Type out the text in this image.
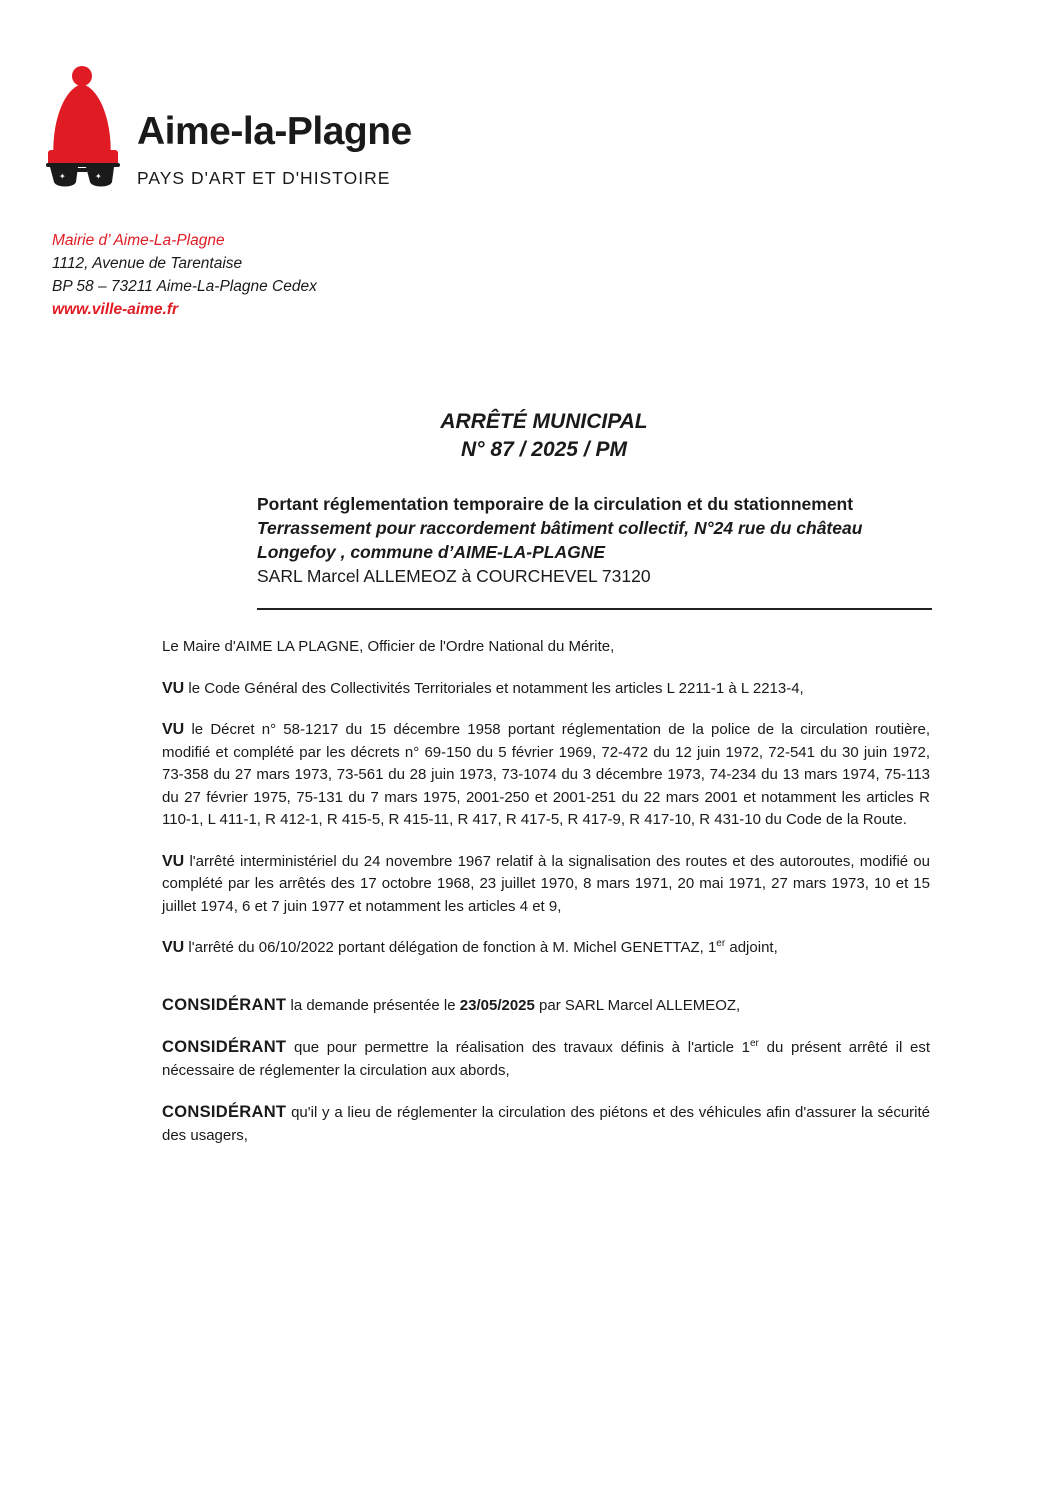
✦	✦
Aime-la-Plagne
PAYS D'ART ET D'HISTOIRE
Mairie d’ Aime-La-Plagne
1112, Avenue de Tarentaise
BP 58 – 73211 Aime-La-Plagne Cedex
www.ville-aime.fr
ARRÊTÉ MUNICIPAL
N° 87 / 2025 / PM
Portant réglementation temporaire de la circulation et du stationnement
Terrassement pour raccordement bâtiment collectif, N°24 rue du château Longefoy , commune d’AIME-LA-PLAGNE
SARL Marcel ALLEMEOZ à COURCHEVEL 73120

Le Maire d'AIME LA PLAGNE, Officier de l'Ordre National du Mérite,

VU le Code Général des Collectivités Territoriales et notamment les articles L 2211-1 à L 2213-4,

VU le Décret n° 58-1217 du 15 décembre 1958 portant réglementation de la police de la circulation routière, modifié et complété par les décrets n° 69-150 du 5 février 1969, 72-472 du 12 juin 1972, 72-541 du 30 juin 1972, 73-358 du 27 mars 1973, 73-561 du 28 juin 1973, 73-1074 du 3 décembre 1973, 74-234 du 13 mars 1974, 75-113 du 27 février 1975, 75-131 du 7 mars 1975, 2001-250 et 2001-251 du 22 mars 2001 et notamment les articles R 110-1, L 411-1, R 412-1, R 415-5, R 415-11, R 417, R 417-5, R 417-9, R 417-10, R 431-10 du Code de la Route.

VU l'arrêté interministériel du 24 novembre 1967 relatif à la signalisation des routes et des autoroutes, modifié ou complété par les arrêtés des 17 octobre 1968, 23 juillet 1970, 8 mars 1971, 20 mai 1971, 27 mars 1973, 10 et 15 juillet 1974, 6 et 7 juin 1977 et notamment les articles 4 et 9,

VU l'arrêté du 06/10/2022 portant délégation de fonction à M. Michel GENETTAZ, 1er adjoint,

CONSIDÉRANT la demande présentée le 23/05/2025 par SARL Marcel ALLEMEOZ,

CONSIDÉRANT que pour permettre la réalisation des travaux définis à l'article 1er du présent arrêté il est nécessaire de réglementer la circulation aux abords,

CONSIDÉRANT qu'il y a lieu de réglementer la circulation des piétons et des véhicules afin d'assurer la sécurité des usagers,
